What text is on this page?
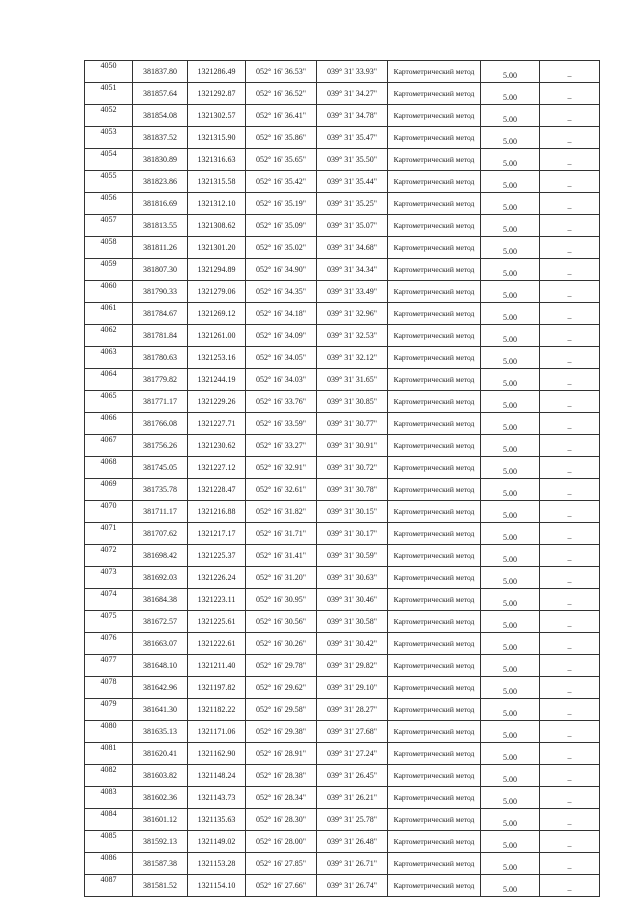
4050	381837.80	1321286.49	052° 16' 36.53"	039° 31' 33.93"	Картометрический метод	5.00	–
4051	381857.64	1321292.87	052° 16' 36.52"	039° 31' 34.27"	Картометрический метод	5.00	–
4052	381854.08	1321302.57	052° 16' 36.41"	039° 31' 34.78"	Картометрический метод	5.00	–
4053	381837.52	1321315.90	052° 16' 35.86"	039° 31' 35.47"	Картометрический метод	5.00	–
4054	381830.89	1321316.63	052° 16' 35.65"	039° 31' 35.50"	Картометрический метод	5.00	–
4055	381823.86	1321315.58	052° 16' 35.42"	039° 31' 35.44"	Картометрический метод	5.00	–
4056	381816.69	1321312.10	052° 16' 35.19"	039° 31' 35.25"	Картометрический метод	5.00	–
4057	381813.55	1321308.62	052° 16' 35.09"	039° 31' 35.07"	Картометрический метод	5.00	–
4058	381811.26	1321301.20	052° 16' 35.02"	039° 31' 34.68"	Картометрический метод	5.00	–
4059	381807.30	1321294.89	052° 16' 34.90"	039° 31' 34.34"	Картометрический метод	5.00	–
4060	381790.33	1321279.06	052° 16' 34.35"	039° 31' 33.49"	Картометрический метод	5.00	–
4061	381784.67	1321269.12	052° 16' 34.18"	039° 31' 32.96"	Картометрический метод	5.00	–
4062	381781.84	1321261.00	052° 16' 34.09"	039° 31' 32.53"	Картометрический метод	5.00	–
4063	381780.63	1321253.16	052° 16' 34.05"	039° 31' 32.12"	Картометрический метод	5.00	–
4064	381779.82	1321244.19	052° 16' 34.03"	039° 31' 31.65"	Картометрический метод	5.00	–
4065	381771.17	1321229.26	052° 16' 33.76"	039° 31' 30.85"	Картометрический метод	5.00	–
4066	381766.08	1321227.71	052° 16' 33.59"	039° 31' 30.77"	Картометрический метод	5.00	–
4067	381756.26	1321230.62	052° 16' 33.27"	039° 31' 30.91"	Картометрический метод	5.00	–
4068	381745.05	1321227.12	052° 16' 32.91"	039° 31' 30.72"	Картометрический метод	5.00	–
4069	381735.78	1321228.47	052° 16' 32.61"	039° 31' 30.78"	Картометрический метод	5.00	–
4070	381711.17	1321216.88	052° 16' 31.82"	039° 31' 30.15"	Картометрический метод	5.00	–
4071	381707.62	1321217.17	052° 16' 31.71"	039° 31' 30.17"	Картометрический метод	5.00	–
4072	381698.42	1321225.37	052° 16' 31.41"	039° 31' 30.59"	Картометрический метод	5.00	–
4073	381692.03	1321226.24	052° 16' 31.20"	039° 31' 30.63"	Картометрический метод	5.00	–
4074	381684.38	1321223.11	052° 16' 30.95"	039° 31' 30.46"	Картометрический метод	5.00	–
4075	381672.57	1321225.61	052° 16' 30.56"	039° 31' 30.58"	Картометрический метод	5.00	–
4076	381663.07	1321222.61	052° 16' 30.26"	039° 31' 30.42"	Картометрический метод	5.00	–
4077	381648.10	1321211.40	052° 16' 29.78"	039° 31' 29.82"	Картометрический метод	5.00	–
4078	381642.96	1321197.82	052° 16' 29.62"	039° 31' 29.10"	Картометрический метод	5.00	–
4079	381641.30	1321182.22	052° 16' 29.58"	039° 31' 28.27"	Картометрический метод	5.00	–
4080	381635.13	1321171.06	052° 16' 29.38"	039° 31' 27.68"	Картометрический метод	5.00	–
4081	381620.41	1321162.90	052° 16' 28.91"	039° 31' 27.24"	Картометрический метод	5.00	–
4082	381603.82	1321148.24	052° 16' 28.38"	039° 31' 26.45"	Картометрический метод	5.00	–
4083	381602.36	1321143.73	052° 16' 28.34"	039° 31' 26.21"	Картометрический метод	5.00	–
4084	381601.12	1321135.63	052° 16' 28.30"	039° 31' 25.78"	Картометрический метод	5.00	–
4085	381592.13	1321149.02	052° 16' 28.00"	039° 31' 26.48"	Картометрический метод	5.00	–
4086	381587.38	1321153.28	052° 16' 27.85"	039° 31' 26.71"	Картометрический метод	5.00	–
4087	381581.52	1321154.10	052° 16' 27.66"	039° 31' 26.74"	Картометрический метод	5.00	–
